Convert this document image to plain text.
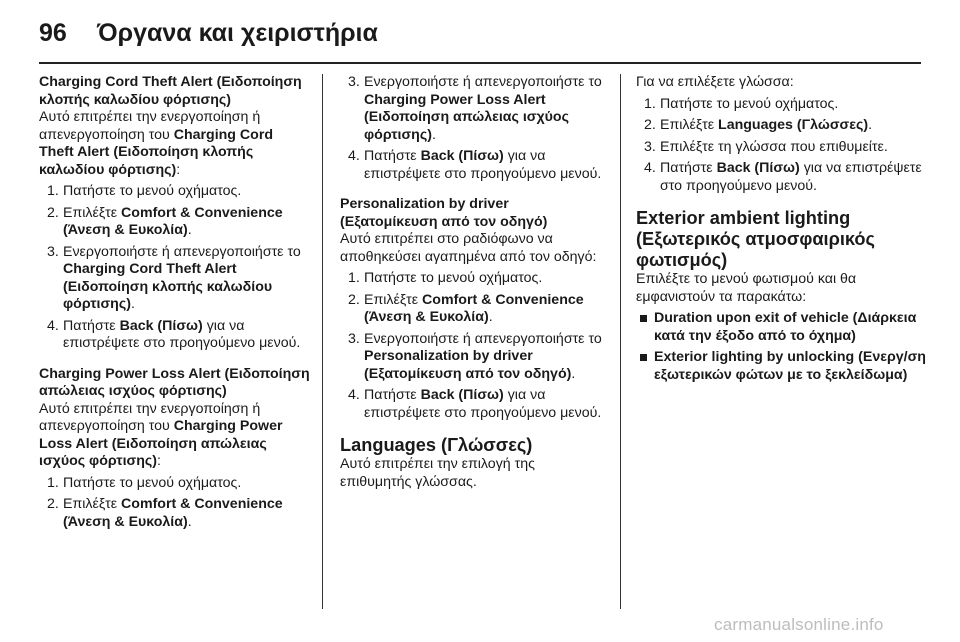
96 Όργανα και χειριστήρια

Charging Cord Theft Alert (Ειδοποίηση κλοπής καλωδίου φόρτισης)

Αυτό επιτρέπει την ενεργοποίηση ή απενεργοποίηση του Charging Cord Theft Alert (Ειδοποίηση κλοπής καλωδίου φόρτισης):

1. Πατήστε το μενού οχήματος.
2. Επιλέξτε Comfort & Convenience (Άνεση & Ευκολία).
3. Ενεργοποιήστε ή απενεργοποιήστε το Charging Cord Theft Alert (Ειδοποίηση κλοπής καλωδίου φόρτισης).
4. Πατήστε Back (Πίσω) για να επιστρέψετε στο προηγούμενο μενού.

Charging Power Loss Alert (Ειδοποίηση απώλειας ισχύος φόρτισης)

Αυτό επιτρέπει την ενεργοποίηση ή απενεργοποίηση του Charging Power Loss Alert (Ειδοποίηση απώλειας ισχύος φόρτισης):

1. Πατήστε το μενού οχήματος.
2. Επιλέξτε Comfort & Convenience (Άνεση & Ευκολία).
3. Ενεργοποιήστε ή απενεργοποιήστε το Charging Power Loss Alert (Ειδοποίηση απώλειας ισχύος φόρτισης).
4. Πατήστε Back (Πίσω) για να επιστρέψετε στο προηγούμενο μενού.

Personalization by driver (Εξατομίκευση από τον οδηγό)

Αυτό επιτρέπει στο ραδιόφωνο να αποθηκεύσει αγαπημένα από τον οδηγό:

1. Πατήστε το μενού οχήματος.
2. Επιλέξτε Comfort & Convenience (Άνεση & Ευκολία).
3. Ενεργοποιήστε ή απενεργοποιήστε το Personalization by driver (Εξατομίκευση από τον οδηγό).
4. Πατήστε Back (Πίσω) για να επιστρέψετε στο προηγούμενο μενού.

Languages (Γλώσσες)

Αυτό επιτρέπει την επιλογή της επιθυμητής γλώσσας.

Για να επιλέξετε γλώσσα:

1. Πατήστε το μενού οχήματος.
2. Επιλέξτε Languages (Γλώσσες).
3. Επιλέξτε τη γλώσσα που επιθυμείτε.
4. Πατήστε Back (Πίσω) για να επιστρέψετε στο προηγούμενο μενού.

Exterior ambient lighting (Εξωτερικός ατμοσφαιρικός φωτισμός)

Επιλέξτε το μενού φωτισμού και θα εμφανιστούν τα παρακάτω:

Duration upon exit of vehicle (Διάρκεια κατά την έξοδο από το όχημα)
Exterior lighting by unlocking (Ενεργ/ση εξωτερικών φώτων με το ξεκλείδωμα)
carmanualsonline.info
